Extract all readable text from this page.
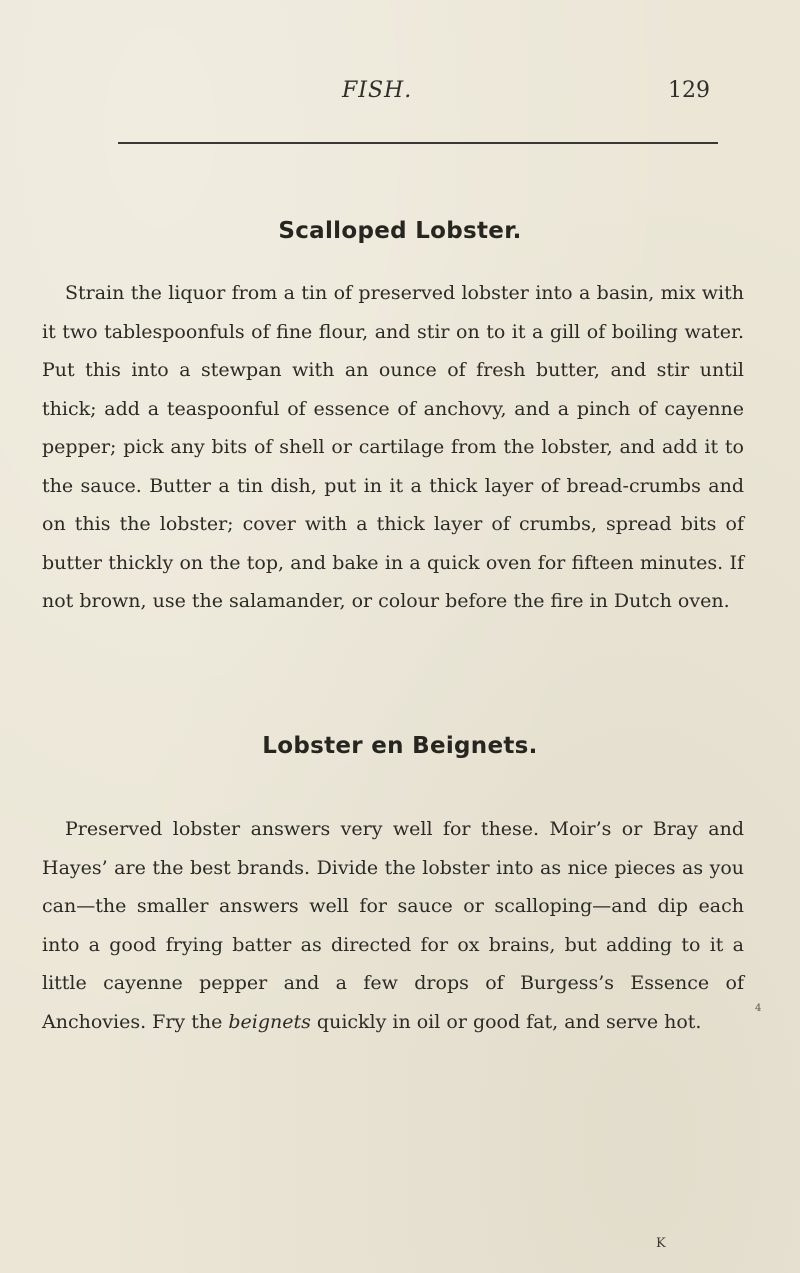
FISH.	129
Scalloped Lobster.
Strain the liquor from a tin of preserved lobster into a basin, mix with it two tablespoonfuls of fine flour, and stir on to it a gill of boiling water. Put this into a stewpan with an ounce of fresh butter, and stir until thick; add a teaspoonful of essence of anchovy, and a pinch of cayenne pepper; pick any bits of shell or cartilage from the lobster, and add it to the sauce. Butter a tin dish, put in it a thick layer of bread-crumbs and on this the lobster; cover with a thick layer of crumbs, spread bits of butter thickly on the top, and bake in a quick oven for fifteen minutes. If not brown, use the salamander, or colour before the fire in Dutch oven.
Lobster en Beignets.
Preserved lobster answers very well for these. Moir’s or Bray and Hayes’ are the best brands. Divide the lobster into as nice pieces as you can—the smaller answers well for sauce or scalloping—and dip each into a good frying batter as directed for ox brains, but adding to it a little cayenne pepper and a few drops of Burgess’s Essence of Anchovies. Fry the beignets quickly in oil or good fat, and serve hot.
4
K
